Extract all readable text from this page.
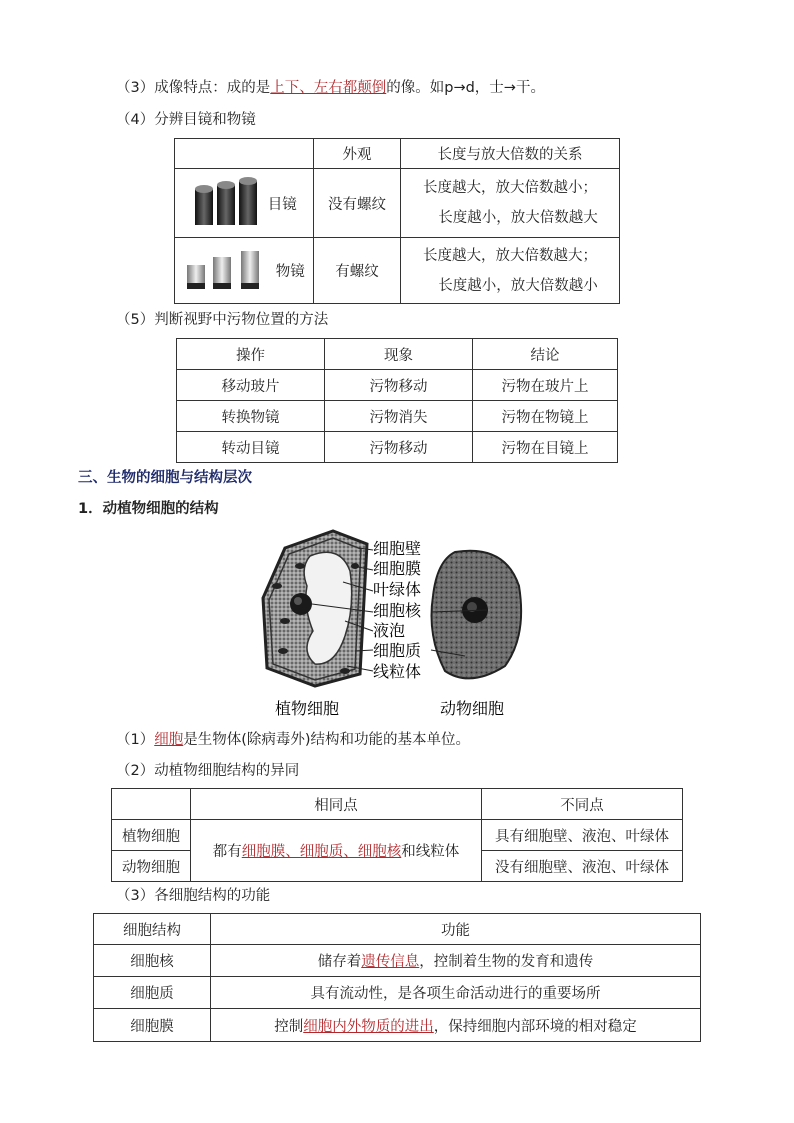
（3）成像特点：成的是上下、左右都颠倒的像。如p→d，士→干。
（4）分辨目镜和物镜
	外观	长度与放大倍数的关系
目镜	没有螺纹	长度越大，放大倍数越小；
长度越小，放大倍数越大

物镜	有螺纹	长度越大，放大倍数越大；
长度越小，放大倍数越小
（5）判断视野中污物位置的方法
操作	现象	结论
移动玻片	污物移动	污物在玻片上
转换物镜	污物消失	污物在物镜上
转动目镜	污物移动	污物在目镜上
三、生物的细胞与结构层次
1．动植物细胞的结构
细胞壁
细胞膜
叶绿体
细胞核
液泡
细胞质
线粒体
植物细胞	动物细胞
（1）细胞是生物体(除病毒外)结构和功能的基本单位。
（2）动植物细胞结构的异同
	相同点	不同点
植物细胞	都有细胞膜、细胞质、细胞核和线粒体	具有细胞壁、液泡、叶绿体
动物细胞		没有细胞壁、液泡、叶绿体
（3）各细胞结构的功能
细胞结构	功能
细胞核	储存着遗传信息，控制着生物的发育和遗传
细胞质	具有流动性，是各项生命活动进行的重要场所
细胞膜	控制细胞内外物质的进出，保持细胞内部环境的相对稳定
